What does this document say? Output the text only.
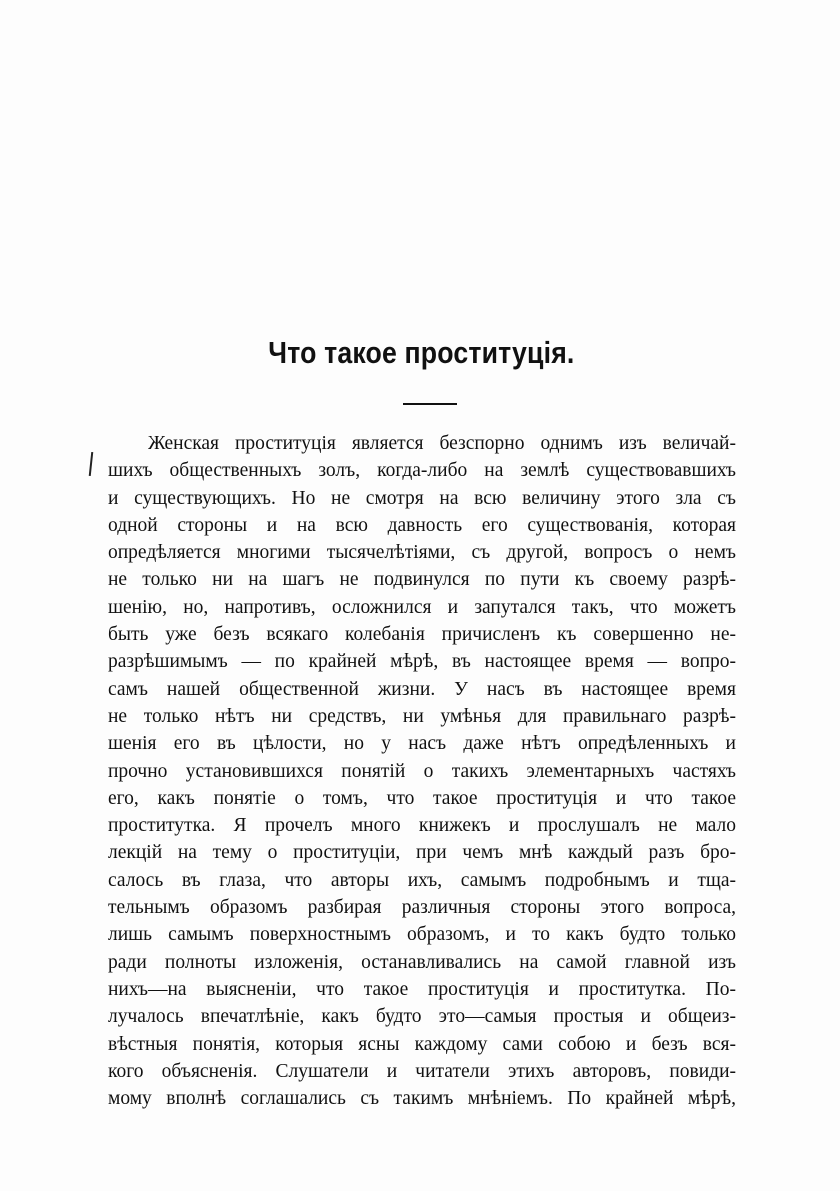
Что такое проституція.
Женская проституція является безспорно однимъ изъ величай-
шихъ общественныхъ золъ, когда-либо на землѣ существовавшихъ
и существующихъ. Но не смотря на всю величину этого зла съ
одной стороны и на всю давность его существованія, которая
опредѣляется многими тысячелѣтіями, съ другой, вопросъ о немъ
не только ни на шагъ не подвинулся по пути къ своему разрѣ-
шенію, но, напротивъ, осложнился и запутался такъ, что можетъ
быть уже безъ всякаго колебанія причисленъ къ совершенно не-
разрѣшимымъ — по крайней мѣрѣ, въ настоящее время — вопро-
самъ нашей общественной жизни. У насъ въ настоящее время
не только нѣтъ ни средствъ, ни умѣнья для правильнаго разрѣ-
шенія его въ цѣлости, но у насъ даже нѣтъ опредѣленныхъ и
прочно установившихся понятій о такихъ элементарныхъ частяхъ
его, какъ понятіе о томъ, что такое проституція и что такое
проститутка. Я прочелъ много книжекъ и прослушалъ не мало
лекцій на тему о проституціи, при чемъ мнѣ каждый разъ бро-
салось въ глаза, что авторы ихъ, самымъ подробнымъ и тща-
тельнымъ образомъ разбирая различныя стороны этого вопроса,
лишь самымъ поверхностнымъ образомъ, и то какъ будто только
ради полноты изложенія, останавливались на самой главной изъ
нихъ—на выясненіи, что такое проституція и проститутка. По-
лучалось впечатлѣніе, какъ будто это—самыя простыя и общеиз-
вѣстныя понятія, которыя ясны каждому сами собою и безъ вся-
кого объясненія. Слушатели и читатели этихъ авторовъ, повиди-
мому вполнѣ соглашались съ такимъ мнѣніемъ. По крайней мѣрѣ,
